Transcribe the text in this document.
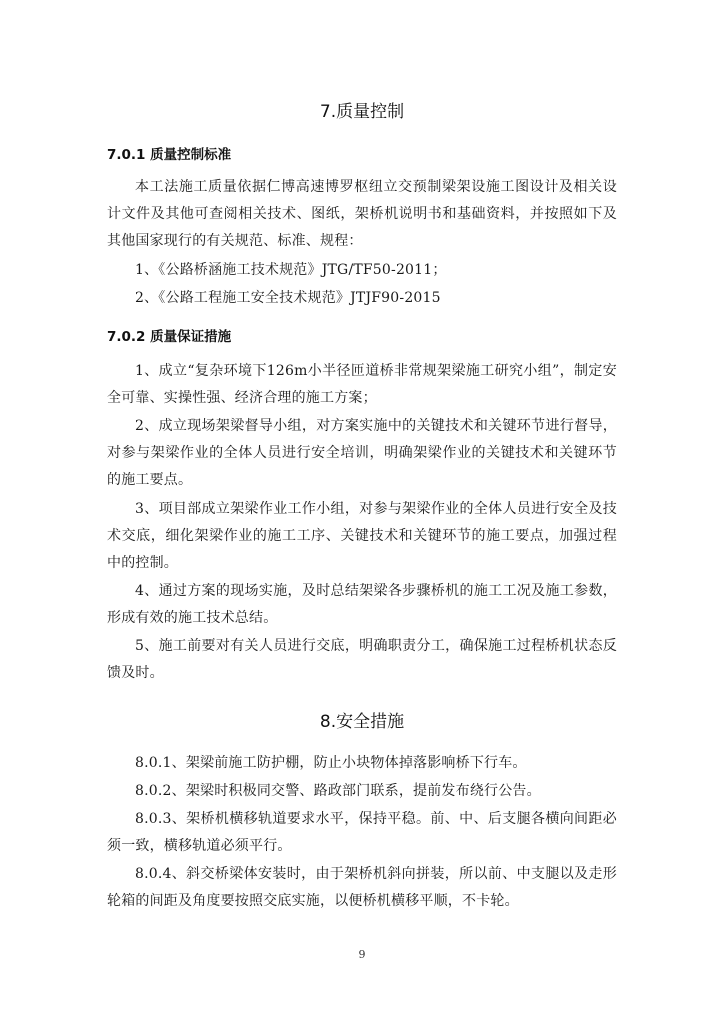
7.质量控制
7.0.1 质量控制标准

本工法施工质量依据仁博高速博罗枢纽立交预制梁架设施工图设计及相关设计文件及其他可查阅相关技术、图纸，架桥机说明书和基础资料，并按照如下及其他国家现行的有关规范、标准、规程：

1、《公路桥涵施工技术规范》JTG/TF50-2011；

2、《公路工程施工安全技术规范》JTJF90-2015

7.0.2 质量保证措施

1、成立“复杂环境下126m小半径匝道桥非常规架梁施工研究小组”，制定安全可靠、实操性强、经济合理的施工方案；

2、成立现场架梁督导小组，对方案实施中的关键技术和关键环节进行督导，对参与架梁作业的全体人员进行安全培训，明确架梁作业的关键技术和关键环节的施工要点。

3、项目部成立架梁作业工作小组，对参与架梁作业的全体人员进行安全及技术交底，细化架梁作业的施工工序、关键技术和关键环节的施工要点，加强过程中的控制。

4、通过方案的现场实施，及时总结架梁各步骤桥机的施工工况及施工参数，形成有效的施工技术总结。

5、施工前要对有关人员进行交底，明确职责分工，确保施工过程桥机状态反馈及时。

8.安全措施

8.0.1、架梁前施工防护棚，防止小块物体掉落影响桥下行车。

8.0.2、架梁时积极同交警、路政部门联系，提前发布绕行公告。

8.0.3、架桥机横移轨道要求水平，保持平稳。前、中、后支腿各横向间距必须一致，横移轨道必须平行。

8.0.4、斜交桥梁体安装时，由于架桥机斜向拼装，所以前、中支腿以及走形轮箱的间距及角度要按照交底实施，以便桥机横移平顺，不卡轮。

9
